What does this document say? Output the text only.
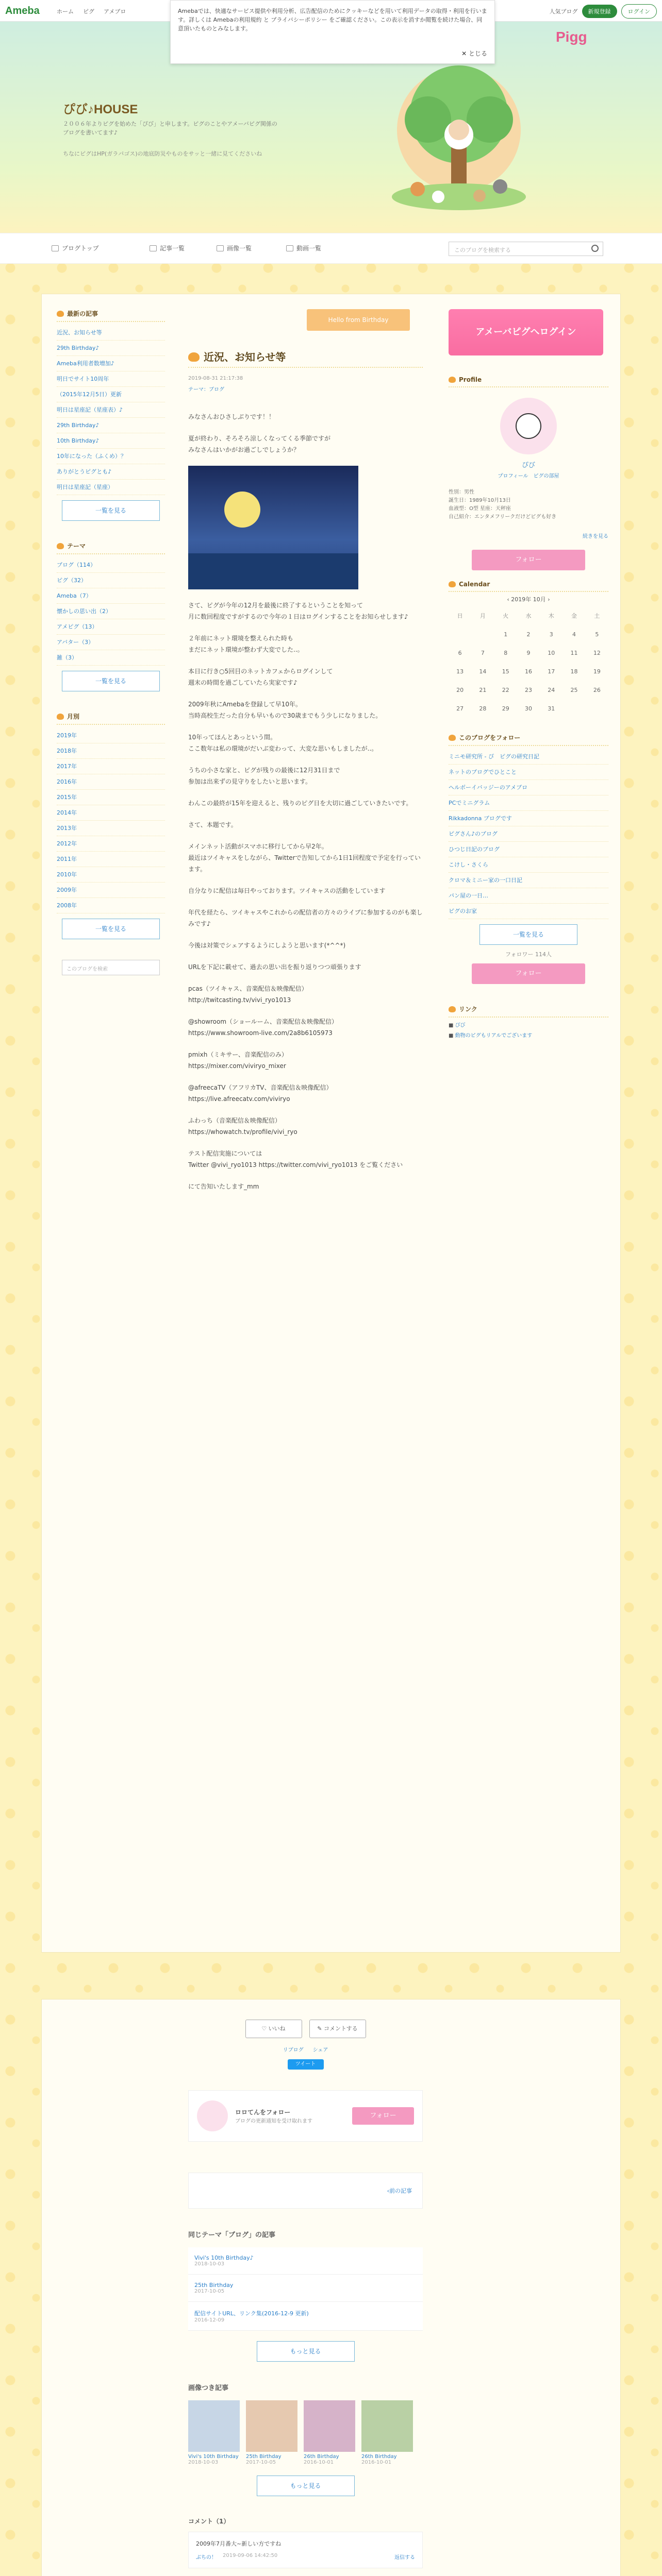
Ameba	ホーム ピグ アメブロ	人気ブログ	新規登録	ログイン
Amebaでは、快適なサービス提供や利用分析、広告配信のためにクッキーなどを用いて利用データの取得・利用を行います。詳しくは Amebaの利用規約 と プライバシーポリシー をご確認ください。この表示を消すか閲覧を続けた場合、同意頂いたものとみなします。
✕ とじる
ぴび♪HOUSE
２００６年よりピグを始めた「ぴび」と申します。ピグのことやアメーバピグ関係のブログを書いてます♪
ちなにピグはHP(ガラパゴス)の地底防災やものをサッと一緒に見てくださいね
Pigg
ブログトップ	記事一覧	画像一覧	動画一覧	このブログを検索する
最新の記事
近況、お知らせ等
29th Birthday♪
Ameba利用者数増加♪
明日でサイト10周年
（2015年12月5日）更新
明日は星座記（星座表）♪
29th Birthday♪
10th Birthday♪
10年になった（ふくめ）？
ありがとうピグとも♪
明日は星座記（星座）
一覧を見る
テーマ
ブログ（114）
ピグ（32）
Ameba（7）
懐かしの思い出（2）
アメピグ（13）
アバター（3）
雑（3）
一覧を見る
月別
2019年
2018年
2017年
2016年
2015年
2014年
2013年
2012年
2011年
2010年
2009年
2008年
一覧を見る
このブログを検索
Hello from Birthday
近況、お知らせ等
2019-08-31 21:17:38
テーマ：ブログ

みなさんおひさしぶりです！！

夏が終わり、そろそろ涼しくなってくる季節ですが
みなさんはいかがお過ごしでしょうか？

さて、ピグが今年の12月を最後に終了するということを知って
月に数回程度ですがするので今年の１日はログインすることをお知らせします♪

２年前にネット環境を整えられた時も
まだにネット環境が整わず大変でした..。

本日に行き○5回目のネットカフェからログインして
週末の時間を過ごしていたら実家です♪

2009年秋にAmebaを登録して早10年。
当時高校生だった自分も早いもので30歳までもう少しになりました。

10年ってほんとあっという間。
ここ数年は私の環境がだいぶ変わって、大変な思いもしましたが..。

うちの小さな家と、ピグが残りの最後に12月31日まで
参加は出来ずの見守りをしたいと思います。

わんこの最終が15年を迎えると、残りのピグ日を大切に過ごしていきたいです。

さて、本題です。

メインネット活動がスマホに移行してから早2年。
最近はツイキャスをしながら、Twitterで告知してから1日1回程度で予定を行っています。

自分なりに配信は毎日やっております。ツイキャスの活動をしています

年代を経たら、ツイキャスやこれからの配信者の方々のライブに参加するのがも楽しみです♪

今後は対策でシェアするようにしようと思います(*^^*)

URLを下記に載せて、過去の思い出を振り返りつつ頑張ります

pcas（ツイキャス、音楽配信＆映像配信）
http://twitcasting.tv/vivi_ryo1013

@showroom（ショールーム、音楽配信＆映像配信）
https://www.showroom-live.com/2a8b6105973

pmixh（ミキサー、音楽配信のみ）
https://mixer.com/viviryo_mixer

@afreecaTV（アフリカTV、音楽配信＆映像配信）
https://live.afreecatv.com/viviryo

ふわっち（音楽配信＆映像配信）
https://whowatch.tv/profile/vivi_ryo

テスト配信実施については
Twitter @vivi_ryo1013 https://twitter.com/vivi_ryo1013 をご覧ください

にて告知いたします_mm

アメーバピグへログイン
Profile
ぴび
プロフィール　 ピグの部屋
性別：男性
誕生日：1989年10月13日
血液型：O型 星座：天秤座
自己紹介：エンタメフリークだけどピグも好き
続きを見る
フォロー
Calendar
‹ 2019年 10月 ›
日	月	火	水	木	金	土
		1	2	3	4	5
6	7	8	9	10	11	12
13	14	15	16	17	18	19
20	21	22	23	24	25	26
27	28	29	30	31		
このブログをフォロー
ミニモ研究所 - ぴ　ピグの研究日記
ネットのブログでひとこと
ヘルボーイバッジーのアメブロ
PCでミニグラム
Rikkadonna ブログです
ピグさん♪のブログ
ひつじ日記のブログ
こけし・さくら
クロマ＆ミニー家の一口日記
パン屋の一日…
ピグのお家
一覧を見る
フォロワー 114人
フォロー
リンク
■ ぴび
■ 動物のピグもリアルでございます
♡ いいね	✎ コメントする
リブログ シェア
ツイート
ロロてんをフォロー
ブログの更新通知を受け取れます
フォロー
‹ 前の記事
同じテーマ「ブログ」の記事
Vivi's 10th Birthday♪
2018-10-03
25th Birthday
2017-10-05
配信サイトURL、リンク集(2016-12-9 更新)
2016-12-09
もっと見る
画像つき記事
Vivi's 10th Birthday
2018-10-03
25th Birthday
2017-10-05
26th Birthday
2016-10-01
26th Birthday
2016-10-01
もっと見る
コメント（1）
2009年7月番大~新しい方ですね
ぶちの！ 2019-09-06 14:42:50	返信する
